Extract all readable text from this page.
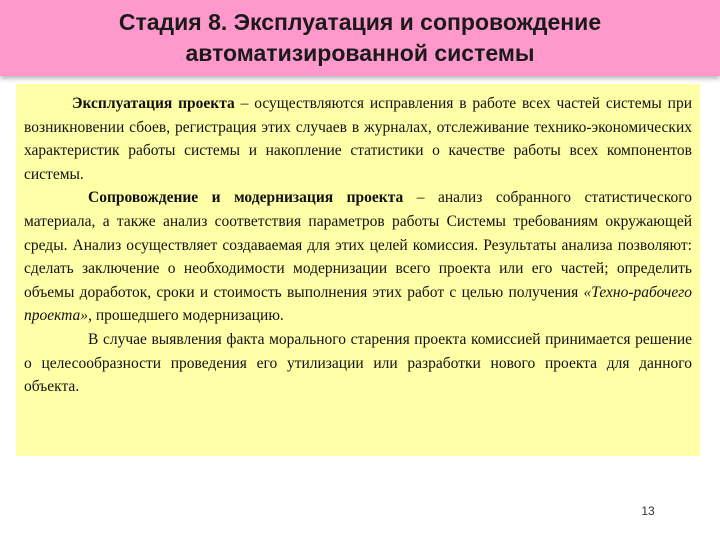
Стадия 8. Эксплуатация и сопровождение
автоматизированной системы

Эксплуатация проекта – осуществляются исправления в работе всех частей системы при возникновении сбоев, регистрация этих случаев в журналах, отслеживание технико-экономических характеристик работы системы и накопление статистики о качестве работы всех компонентов системы.

Сопровождение и модернизация проекта – анализ собранного статистического материала, а также анализ соответствия параметров работы Системы требованиям окружающей среды. Анализ осуществляет создаваемая для этих целей комиссия. Результаты анализа позволяют: сделать заключение о необходимости модернизации всего проекта или его частей; определить объемы доработок, сроки и стоимость выполнения этих работ с целью получения «Техно-рабочего проекта», прошедшего модернизацию.

В случае выявления факта морального старения проекта комиссией принимается решение о целесообразности проведения его утилизации или разработки нового проекта для данного объекта.

13
